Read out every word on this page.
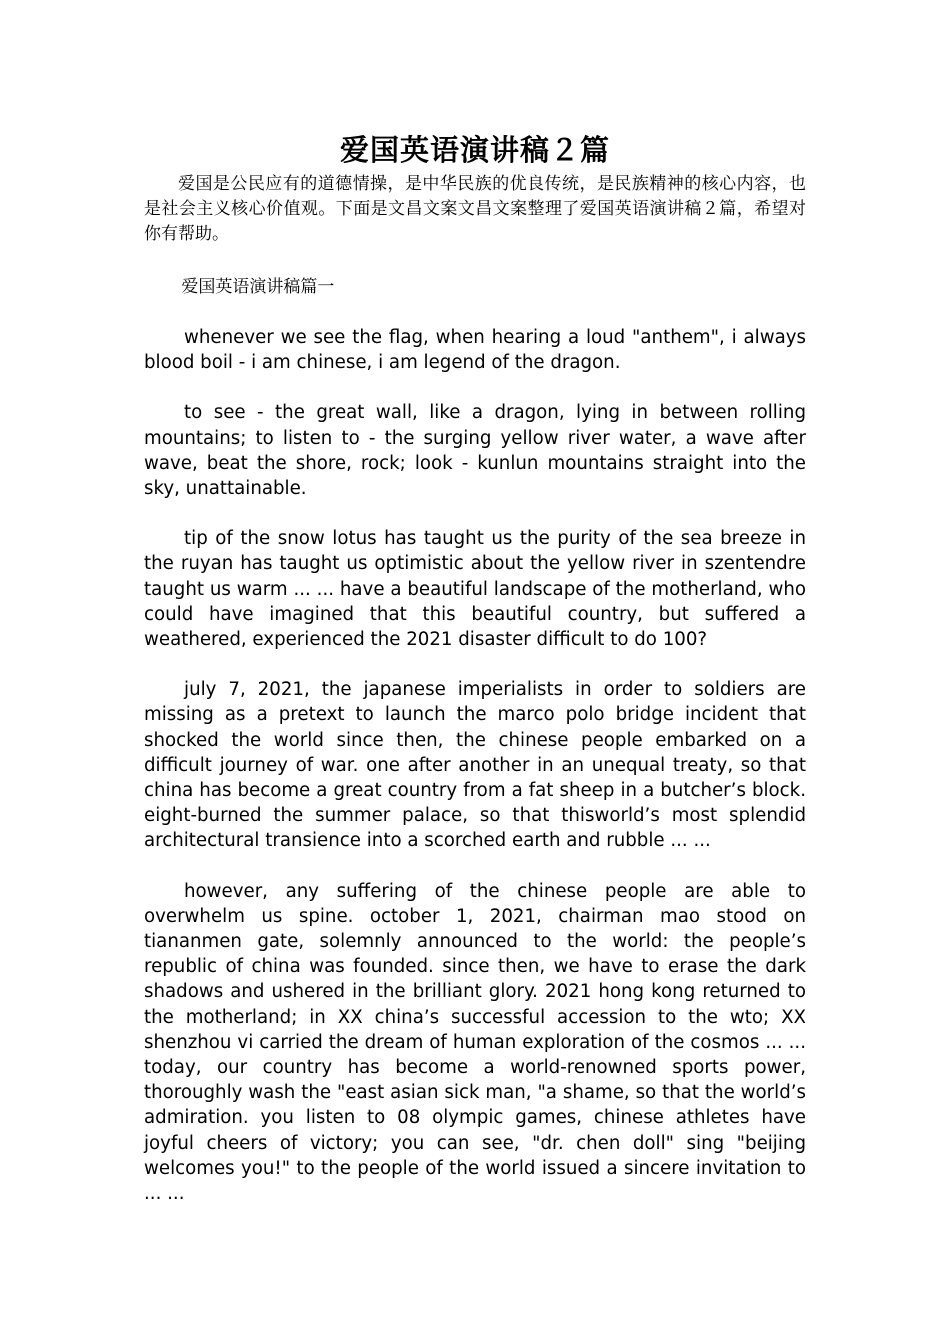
爱国英语演讲稿２篇

爱国是公民应有的道德情操，是中华民族的优良传统，是民族精神的核心内容，也是社会主义核心价值观。下面是文昌文案文昌文案整理了爱国英语演讲稿２篇，希望对你有帮助。

爱国英语演讲稿篇一

whenever we see the flag, when hearing a loud "anthem", i always blood boil - i am chinese, i am legend of the dragon.

to see - the great wall, like a dragon, lying in between rolling mountains; to listen to - the surging yellow river water, a wave after wave, beat the shore, rock; look - kunlun mountains straight into the sky, unattainable.

tip of the snow lotus has taught us the purity of the sea breeze in the ruyan has taught us optimistic about the yellow river in szentendre taught us warm ... ... have a beautiful landscape of the motherland, who could have imagined that this beautiful country, but suffered a weathered, experienced the 2021 disaster difficult to do 100?

july 7, 2021, the japanese imperialists in order to soldiers are missing as a pretext to launch the marco polo bridge incident that shocked the world since then, the chinese people embarked on a difficult journey of war. one after another in an unequal treaty, so that china has become a great country from a fat sheep in a butcher’s block. eight-burned the summer palace, so that thisworld’s most splendid architectural transience into a scorched earth and rubble ... ...

however, any suffering of the chinese people are able to overwhelm us spine. october 1, 2021, chairman mao stood on tiananmen gate, solemnly announced to the world: the people’s republic of china was founded. since then, we have to erase the dark shadows and ushered in the brilliant glory. 2021 hong kong returned to the motherland; in XX china’s successful accession to the wto; XX shenzhou vi carried the dream of human exploration of the cosmos ... ... today, our country has become a world-renowned sports power, thoroughly wash the "east asian sick man, "a shame, so that the world’s admiration. you listen to 08 olympic games, chinese athletes have joyful cheers of victory; you can see, "dr. chen doll" sing "beijing welcomes you!" to the people of the world issued a sincere invitation to ... ...
